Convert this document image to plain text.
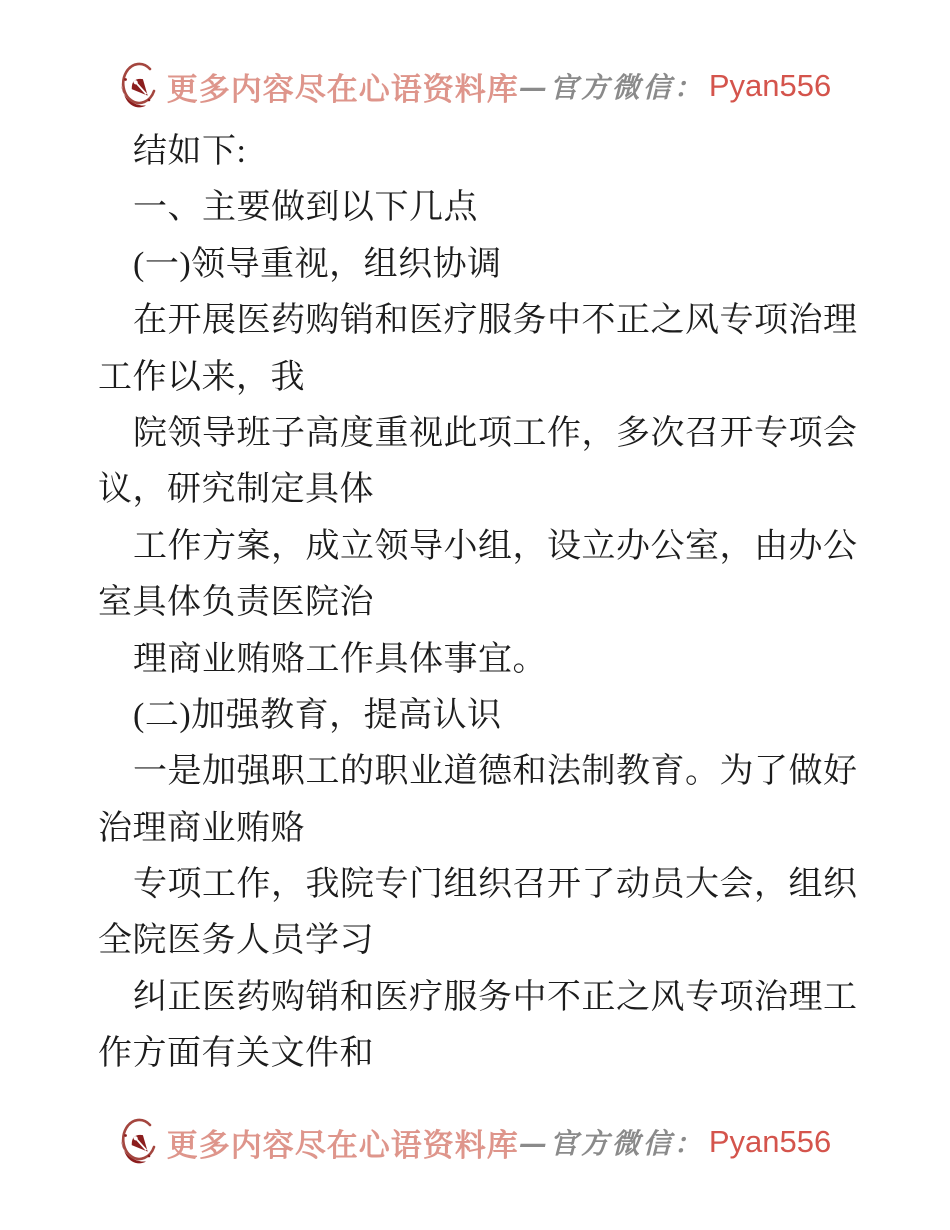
更多内容尽在心语资料库 —官方微信： Pyan556
结如下:
一、主要做到以下几点
(一)领导重视，组织协调
在开展医药购销和医疗服务中不正之风专项治理
工作以来，我
院领导班子高度重视此项工作，多次召开专项会
议，研究制定具体
工作方案，成立领导小组，设立办公室，由办公
室具体负责医院治
理商业贿赂工作具体事宜。
(二)加强教育，提高认识
一是加强职工的职业道德和法制教育。为了做好
治理商业贿赂
专项工作，我院专门组织召开了动员大会，组织
全院医务人员学习
纠正医药购销和医疗服务中不正之风专项治理工
作方面有关文件和
更多内容尽在心语资料库 —官方微信： Pyan556
